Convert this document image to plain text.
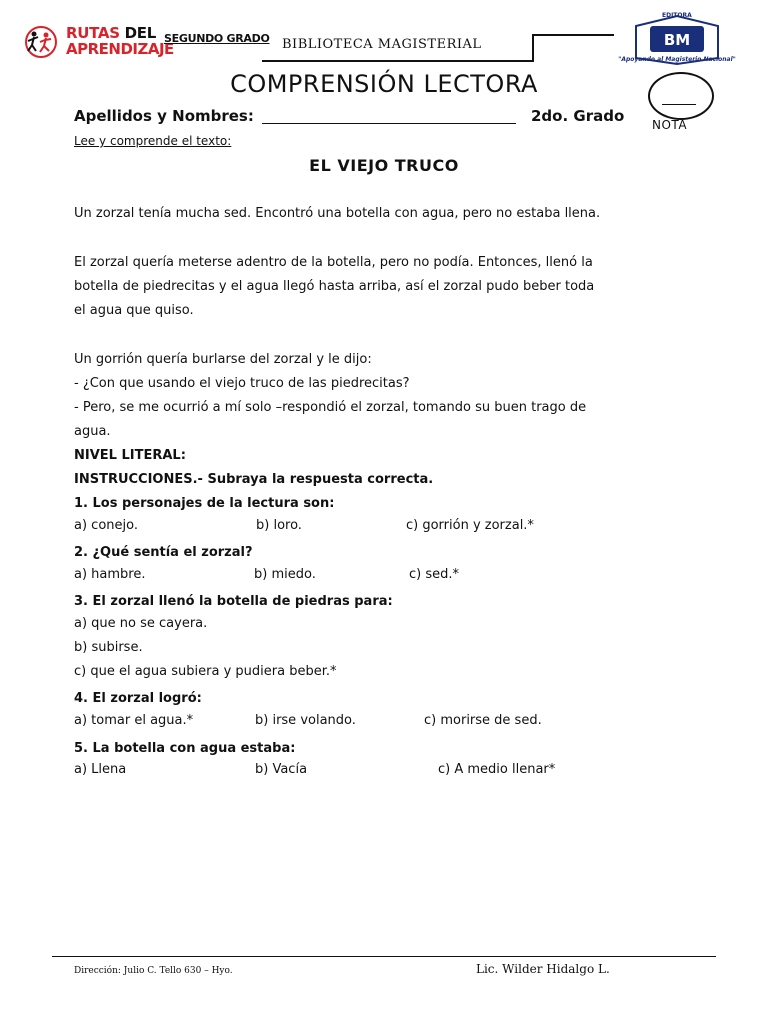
RUTAS DEL
APRENDIZAJE
SEGUNDO GRADO BIBLIOTECA MAGISTERIAL	BM
EDITORA
"Apoyando al Magisterio Nacional"
COMPRENSIÓN LECTORA
NOTA
Apellidos y Nombres:	2do. Grado
Lee y comprende el texto:
EL VIEJO TRUCO
Un zorzal tenía mucha sed. Encontró una botella con agua, pero no estaba llena.
El zorzal quería meterse adentro de la botella, pero no podía. Entonces, llenó la
botella de piedrecitas y el agua llegó hasta arriba, así el zorzal pudo beber toda
el agua que quiso.
Un gorrión quería burlarse del zorzal y le dijo:
- ¿Con que usando el viejo truco de las piedrecitas?
- Pero, se me ocurrió a mí solo –respondió el zorzal, tomando su buen trago de
agua.
NIVEL LITERAL:
INSTRUCCIONES.- Subraya la respuesta correcta.
1. Los personajes de la lectura son:
a) conejo.	b) loro.	c) gorrión y zorzal.*
2. ¿Qué sentía el zorzal?
a) hambre.	b) miedo.	c) sed.*
3. El zorzal llenó la botella de piedras para:
a) que no se cayera.
b) subirse.
c) que el agua subiera y pudiera beber.*
4. El zorzal logró:
a) tomar el agua.*	b) irse volando.	c) morirse de sed.
5. La botella con agua estaba:
a) Llena	b) Vacía	c) A medio llenar*
Dirección: Julio C. Tello 630 – Hyo.	Lic. Wilder Hidalgo L.
